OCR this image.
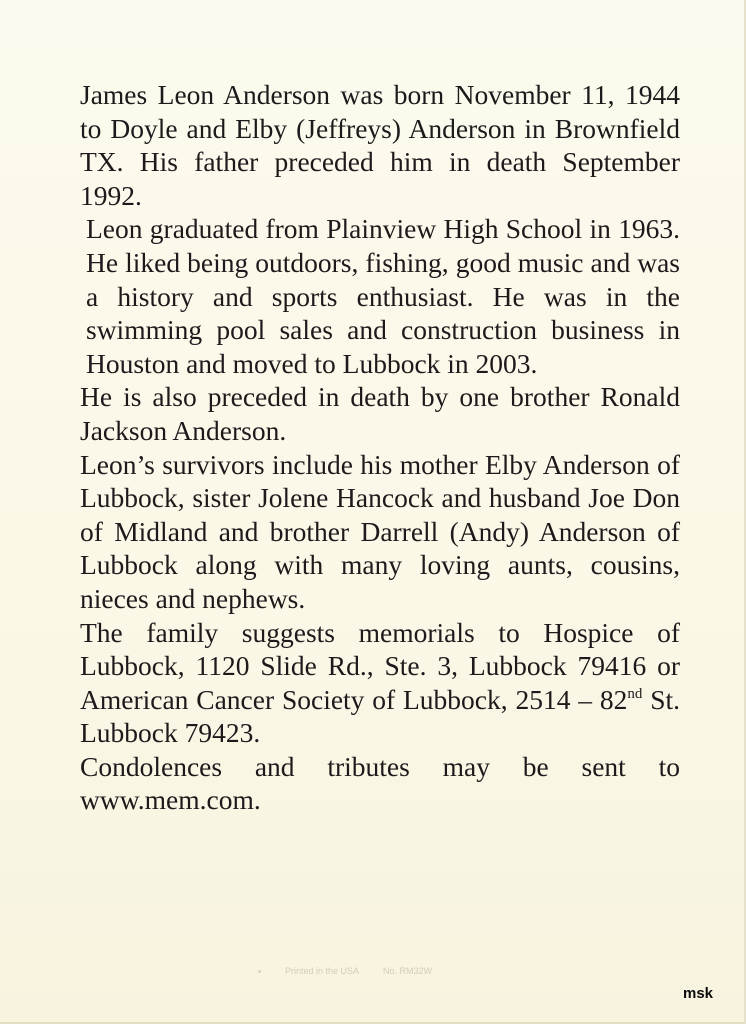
James Leon Anderson was born November 11, 1944 to Doyle and Elby (Jeffreys) Anderson in Brownfield TX. His father preceded him in death September 1992.

Leon graduated from Plainview High School in 1963. He liked being outdoors, fishing, good music and was a history and sports enthusiast. He was in the swimming pool sales and construction business in Houston and moved to Lubbock in 2003.

He is also preceded in death by one brother Ronald Jackson Anderson.

Leon’s survivors include his mother Elby Anderson of Lubbock, sister Jolene Hancock and husband Joe Don of Midland and brother Darrell (Andy) Anderson of Lubbock along with many loving aunts, cousins, nieces and nephews.

The family suggests memorials to Hospice of Lubbock, 1120 Slide Rd., Ste. 3, Lubbock 79416 or American Cancer Society of Lubbock, 2514 – 82nd St. Lubbock 79423.

Condolences and tributes may be sent to www.mem.com.

Printed in the USA	No. RM32W
msk
